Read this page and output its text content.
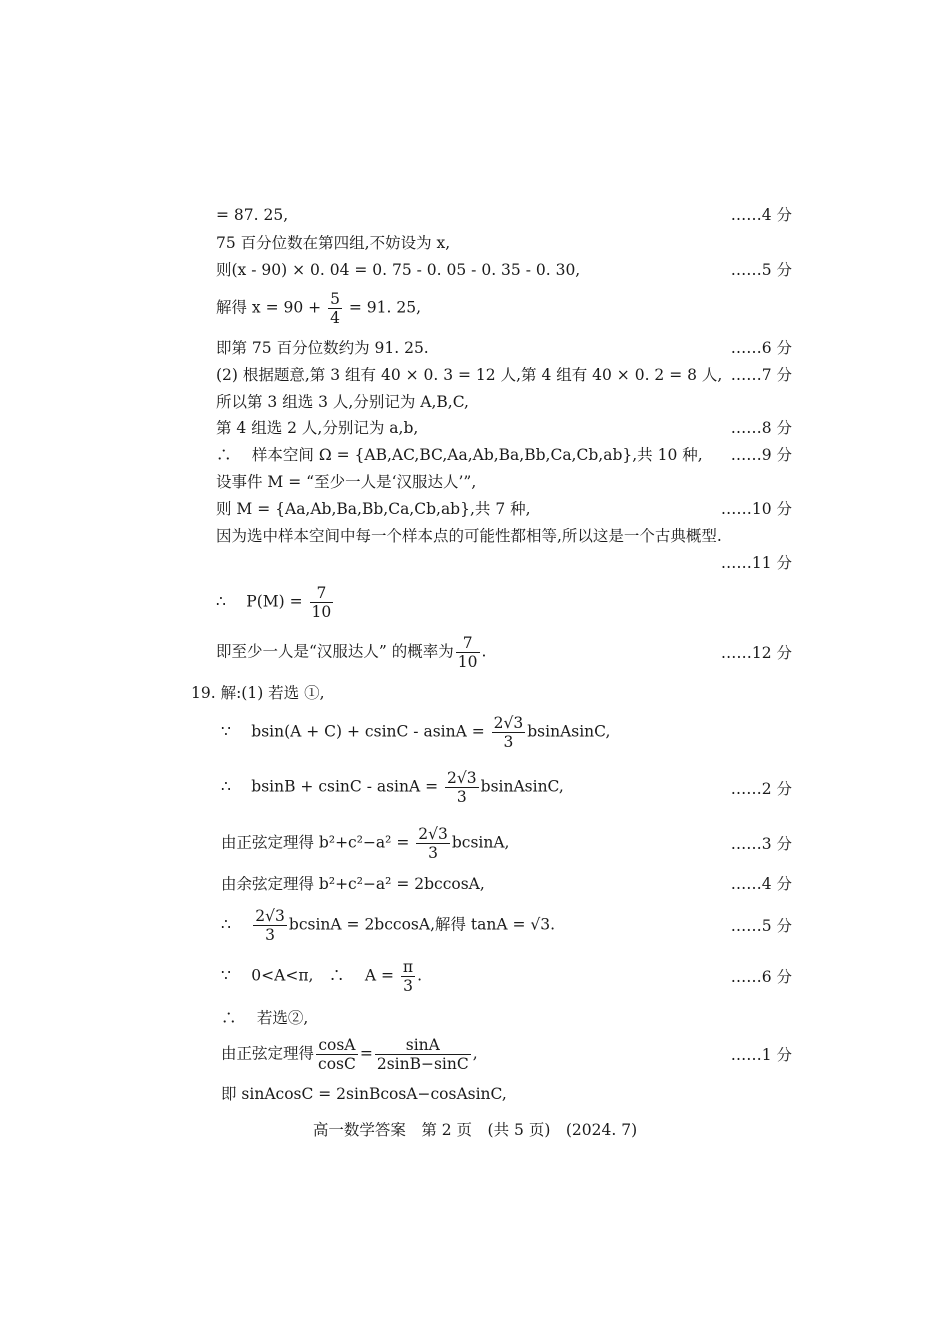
= 87. 25,	……4 分
75 百分位数在第四组,不妨设为 x,
则(x - 90) × 0. 04 = 0. 75 - 0. 05 - 0. 35 - 0. 30,	……5 分
解得 $x = 90 + \frac{5}{4} = 91$. 25,
即第 75 百分位数约为 91. 25.	……6 分
(2) 根据题意,第 3 组有 40 × 0. 3 = 12 人,第 4 组有 40 × 0. 2 = 8 人, ……7 分
所以第 3 组选 3 人,分别记为 A,B,C,
第 4 组选 2 人,分别记为 a,b,	……8 分
∴　 样本空间 Ω = {AB,AC,BC,Aa,Ab,Ba,Bb,Ca,Cb,ab},共 10 种, ……9 分
设事件 M = “至少一人是‘汉服达人’”,
则 M = {Aa,Ab,Ba,Bb,Ca,Cb,ab},共 7 种,	……10 分
因为选中样本空间中每一个样本点的可能性都相等,所以这是一个古典概型.
……11 分
∴　 $P(M) = \frac{7}{10}$
即至少一人是“汉服达人” 的概率为 $\frac{7}{10}$ .	……12 分
19. 解:(1) 若选 ①,
∵　 $bsin(A + C) + csinC - asinA = \frac{2√3}{3}$ bsinAsinC,
∴　 $bsinB + csinC - asinA = \frac{2√3}{3}$ bsinAsinC,	……2 分
由正弦定理得 $b^2+c^2-a^2 = \frac{2√3}{3} bcsinA$,	……3 分
由余弦定理得 b²+c²−a² = 2bccosA,	……4 分
∴　 $\frac{2√3}{3}$ bcsinA = 2bccosA,解得 tanA = √3.	……5 分
∵　 0<A<π,　∴　 $A = \frac{\pi}{3}$ .	……6 分
∴　 若选②,
由正弦定理得 $\frac{\cos A}{\cos C} = \frac{\sin A}{2\sin B-\sin C}$ ,	……1 分
即 sinAcosC = 2sinBcosA−cosAsinC,
高一数学答案　第 2 页　(共 5 页)　(2024. 7)
